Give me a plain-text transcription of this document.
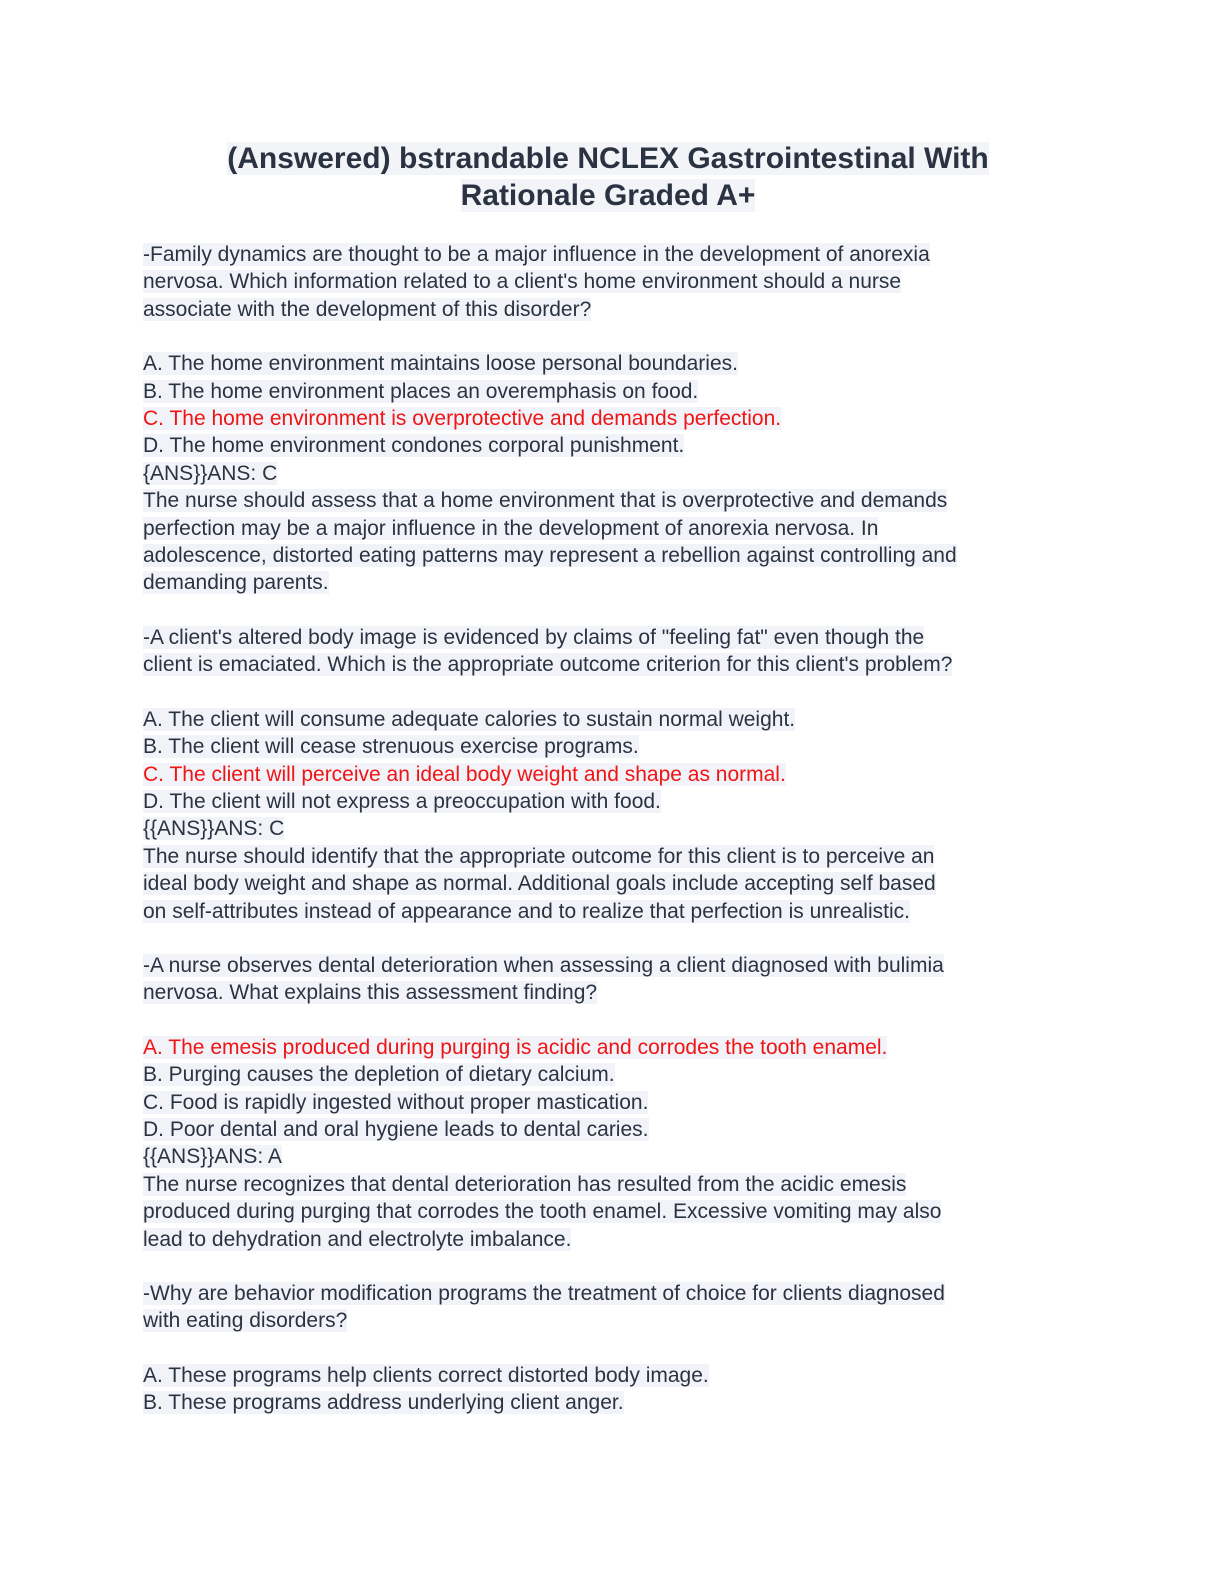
(Answered) bstrandable NCLEX Gastrointestinal With
Rationale Graded A+
-Family dynamics are thought to be a major influence in the development of anorexia
nervosa. Which information related to a client's home environment should a nurse
associate with the development of this disorder?
A. The home environment maintains loose personal boundaries.
B. The home environment places an overemphasis on food.
C. The home environment is overprotective and demands perfection.
D. The home environment condones corporal punishment.
{ANS}}ANS: C
The nurse should assess that a home environment that is overprotective and demands
perfection may be a major influence in the development of anorexia nervosa. In
adolescence, distorted eating patterns may represent a rebellion against controlling and
demanding parents.
-A client's altered body image is evidenced by claims of "feeling fat" even though the
client is emaciated. Which is the appropriate outcome criterion for this client's problem?
A. The client will consume adequate calories to sustain normal weight.
B. The client will cease strenuous exercise programs.
C. The client will perceive an ideal body weight and shape as normal.
D. The client will not express a preoccupation with food.
{{ANS}}ANS: C
The nurse should identify that the appropriate outcome for this client is to perceive an
ideal body weight and shape as normal. Additional goals include accepting self based
on self-attributes instead of appearance and to realize that perfection is unrealistic.
-A nurse observes dental deterioration when assessing a client diagnosed with bulimia
nervosa. What explains this assessment finding?
A. The emesis produced during purging is acidic and corrodes the tooth enamel.
B. Purging causes the depletion of dietary calcium.
C. Food is rapidly ingested without proper mastication.
D. Poor dental and oral hygiene leads to dental caries.
{{ANS}}ANS: A
The nurse recognizes that dental deterioration has resulted from the acidic emesis
produced during purging that corrodes the tooth enamel. Excessive vomiting may also
lead to dehydration and electrolyte imbalance.
-Why are behavior modification programs the treatment of choice for clients diagnosed
with eating disorders?
A. These programs help clients correct distorted body image.
B. These programs address underlying client anger.
